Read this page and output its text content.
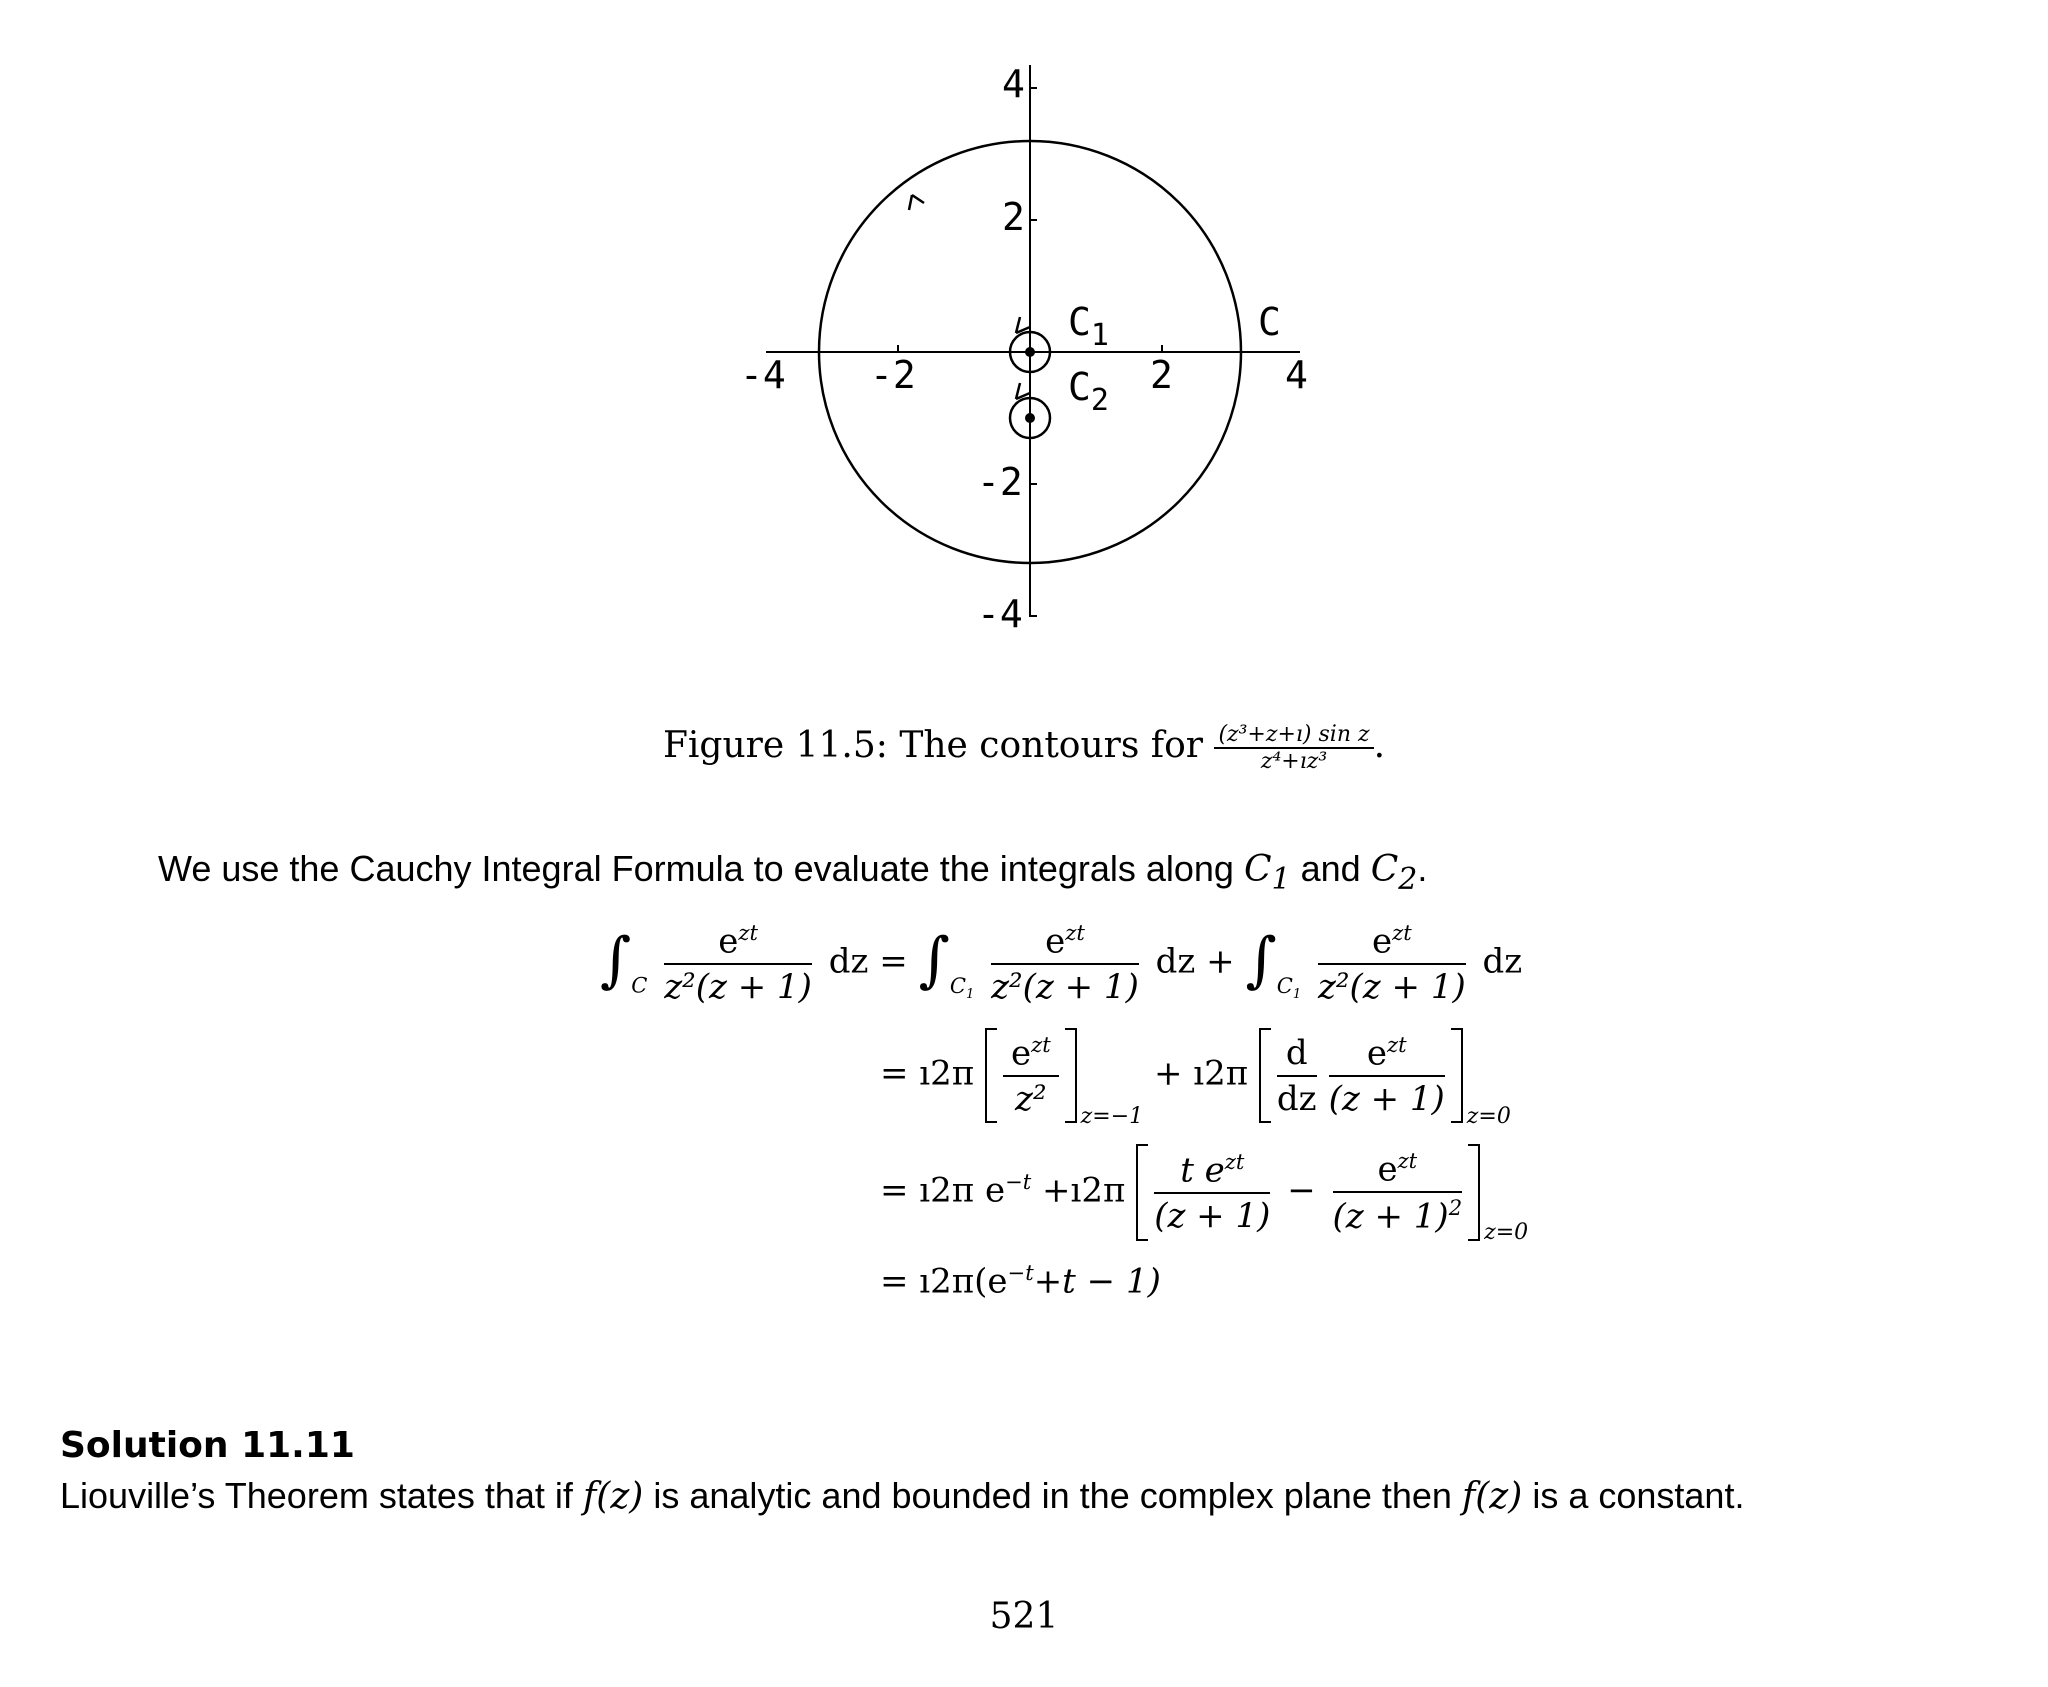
-4 -2	2	4
4
2
-2
-4
C
$C_1$
$C_2$
Figure 11.5: The contours for $\frac{\text{(z³+z+ı) sin z}}{\text{z⁴+ız³}}$ .
We use the Cauchy Integral Formula to evaluate the integrals along $C_1$ and $C_2$.
$\int_C \frac{e^{zt}}{\text{z²(z + 1)}}$ dz = $\int_{C_1} \frac{e^{zt}}{\text{z²(z + 1)}}$ dz + $\int_{C_1} \frac{e^{zt}}{\text{z²(z + 1)}}$ dz
= ı2π $\frac{e^{zt}}{\text{z²}} _{z=-1}$ + ı2π $\frac{d}{dz} \frac{e^{zt}}{(z + 1)} _{z=0}$
= ı2π $e^{-t}$ +ı2π $\frac{t e^{zt}}{(z + 1)} - \frac{e^{zt}}{(z + 1)^2} _{z=0}$
= $ı2\pi(e^{-t}+t - 1)$
Solution 11.11
Liouville’s Theorem states that if f(z) is analytic and bounded in the complex plane then f(z) is a constant.
521
